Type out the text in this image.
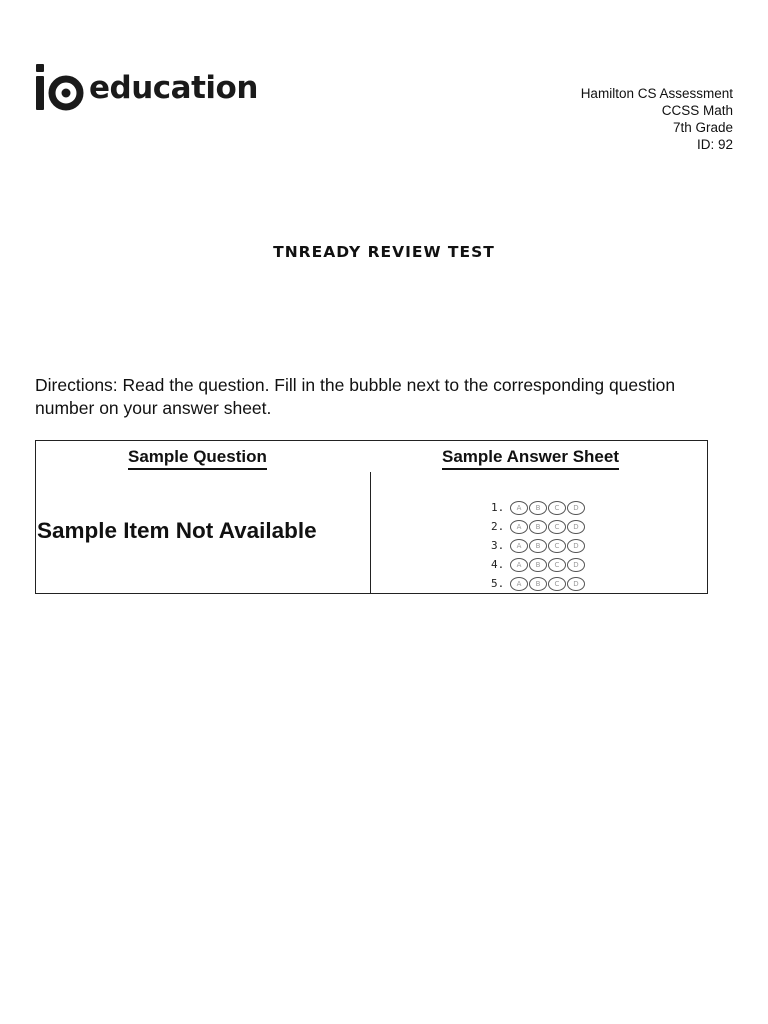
education	Hamilton CS Assessment
CCSS Math
7th Grade
ID: 92
TNREADY REVIEW TEST
Directions: Read the question. Fill in the bubble next to the corresponding question number on your answer sheet.
Sample Question	Sample Answer Sheet
Sample Item Not Available
1.	A	B	C	D
2.	A	B	C	D
3.	A	B	C	D
4.	A	B	C	D
5.	A	B	C	D
